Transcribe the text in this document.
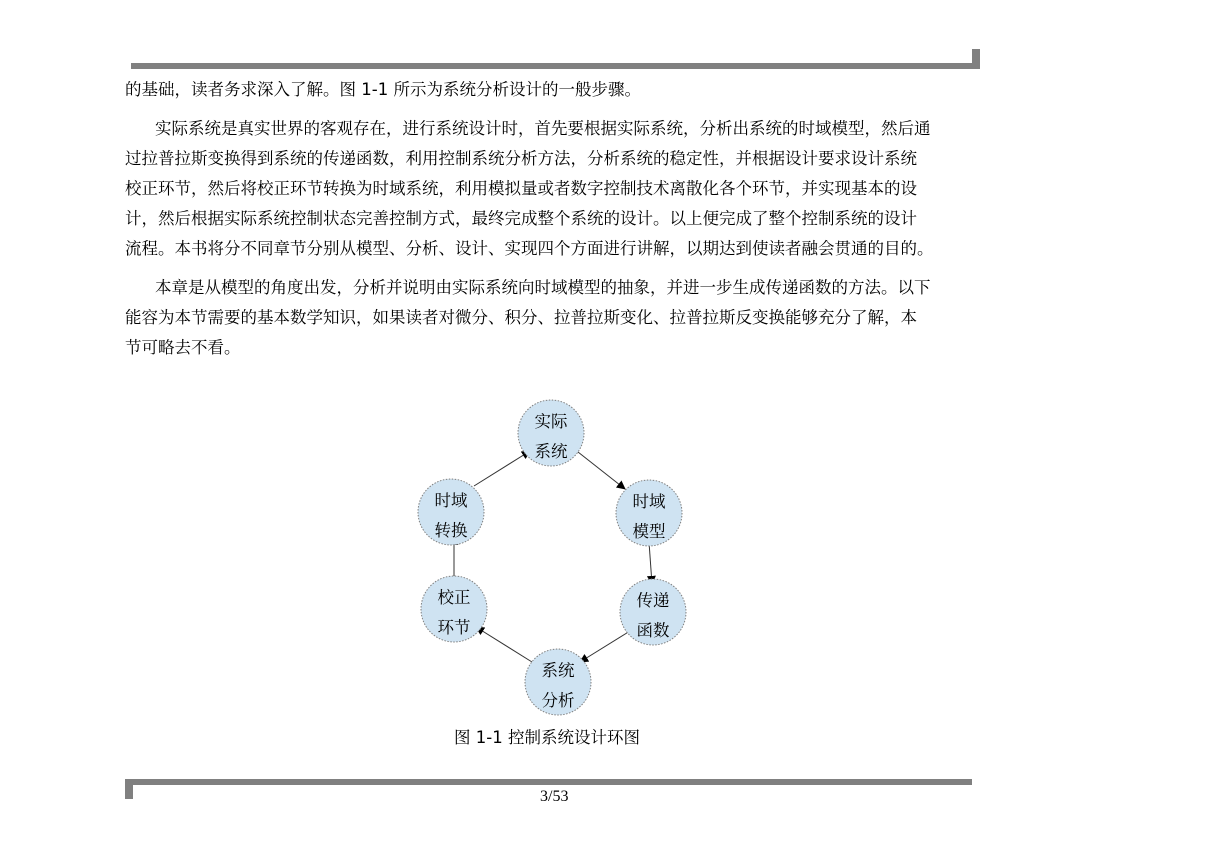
的基础，读者务求深入了解。图 1-1 所示为系统分析设计的一般步骤。

实际系统是真实世界的客观存在，进行系统设计时，首先要根据实际系统，分析出系统的时域模型，然后通

过拉普拉斯变换得到系统的传递函数，利用控制系统分析方法，分析系统的稳定性，并根据设计要求设计系统

校正环节，然后将校正环节转换为时域系统，利用模拟量或者数字控制技术离散化各个环节，并实现基本的设

计，然后根据实际系统控制状态完善控制方式，最终完成整个系统的设计。以上便完成了整个控制系统的设计

流程。本书将分不同章节分别从模型、分析、设计、实现四个方面进行讲解，以期达到使读者融会贯通的目的。

本章是从模型的角度出发，分析并说明由实际系统向时域模型的抽象，并进一步生成传递函数的方法。以下

能容为本节需要的基本数学知识，如果读者对微分、积分、拉普拉斯变化、拉普拉斯反变换能够充分了解，本

节可略去不看。

实际
系统
时域
模型
传递
函数
系统
分析
校正
环节
时域
转换
图 1-1 控制系统设计环图
3/53
